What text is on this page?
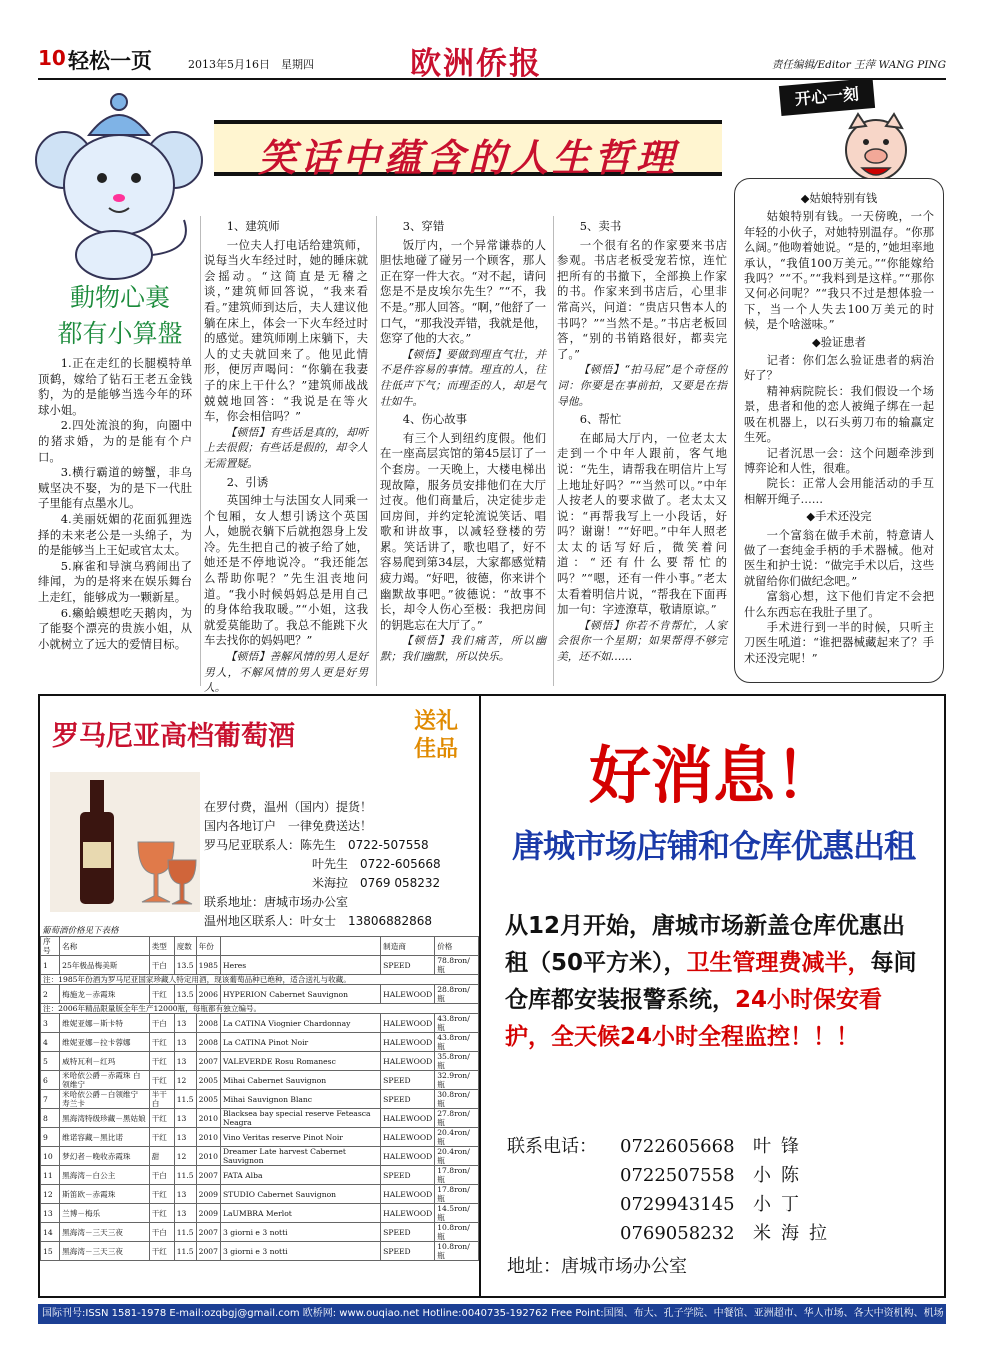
10 轻松一页	2013年5月16日　星期四	欧洲侨报	责任编辑/Editor 王萍 WANG PING
笑话中蕴含的人生哲理
开心一刻
動物心裏
都有小算盤

1.正在走红的长腿模特单顶鹤，嫁给了钻石王老五金钱豹，为的是能够当选今年的环球小姐。

2.四处流浪的狗，向圈中的猪求婚，为的是能有个户口。

3.横行霸道的螃蟹，非乌贼坚决不娶，为的是下一代肚子里能有点墨水儿。

4.美丽妩媚的花面狐狸选择的未来老公是一头绵子，为的是能够当上王妃或官太太。

5.麻雀和导演乌鸦闹出了绯闻，为的是将来在娱乐舞台上走红，能够成为一颗新星。

6.癞蛤蟆想吃天鹅肉，为了能娶个漂亮的贵族小姐，从小就树立了远大的爱情目标。

1、建筑师

一位夫人打电话给建筑师，说每当火车经过时，她的睡床就会摇动。“这简直是无稽之谈，”建筑师回答说，“我来看看。”建筑师到达后，夫人建议他躺在床上，体会一下火车经过时的感觉。建筑师刚上床躺下，夫人的丈夫就回来了。他见此情形，便厉声喝问：“你躺在我妻子的床上干什么？”建筑师战战兢兢地回答：“我说是在等火车，你会相信吗？”

【顿悟】有些话是真的，却听上去很假；有些话是假的，却令人无需置疑。

2、引诱

英国绅士与法国女人同乘一个包厢，女人想引诱这个英国人，她脱衣躺下后就抱怨身上发冷。先生把自己的被子给了她，她还是不停地说冷。“我还能怎么帮助你呢？”先生沮丧地问道。“我小时候妈妈总是用自己的身体给我取暖。”“小姐，这我就爱莫能助了。我总不能跳下火车去找你的妈妈吧？”

【顿悟】善解风情的男人是好男人，不解风情的男人更是好男人。

3、穿错

饭厅内，一个异常谦恭的人胆怯地碰了碰另一个顾客，那人正在穿一件大衣。“对不起，请问您是不是皮埃尔先生？”“不，我不是。”那人回答。“啊，”他舒了一口气，“那我没弄错，我就是他，您穿了他的大衣。”

【顿悟】要做到理直气壮，并不是件容易的事情。理直的人，往往低声下气；而理歪的人，却是气壮如牛。

4、伤心故事

有三个人到纽约度假。他们在一座高层宾馆的第45层订了一个套房。一天晚上，大楼电梯出现故障，服务员安排他们在大厅过夜。他们商量后，决定徒步走回房间，并约定轮流说笑话、唱歌和讲故事，以减轻登楼的劳累。笑话讲了，歌也唱了，好不容易爬到第34层，大家都感觉精疲力竭。“好吧，彼德，你来讲个幽默故事吧。”彼德说：“故事不长，却令人伤心至极：我把房间的钥匙忘在大厅了。”

【顿悟】我们痛苦，所以幽默；我们幽默，所以快乐。

5、卖书

一个很有名的作家要来书店参观。书店老板受宠若惊，连忙把所有的书撤下，全部换上作家的书。作家来到书店后，心里非常高兴，问道：“贵店只售本人的书吗？”“当然不是。”书店老板回答，“别的书销路很好，都卖完了。”

【顿悟】“拍马屁”是个奇怪的词：你要是在事前拍，又要是在指导他。

6、帮忙

在邮局大厅内，一位老太太走到一个中年人跟前，客气地说：“先生，请帮我在明信片上写上地址好吗？”“当然可以。”中年人按老人的要求做了。老太太又说：“再帮我写上一小段话，好吗？谢谢！”“好吧。”中年人照老太太的话写好后，微笑着问道：“还有什么要帮忙的吗？”“嗯，还有一件小事。”老太太看着明信片说，“帮我在下面再加一句：字迹潦草，敬请原谅。”

【顿悟】你若不肯帮忙，人家会很你一个星期；如果帮得不够完美，还不如……

◆姑娘特别有钱

姑娘特别有钱。一天傍晚，一个年轻的小伙子，对她特别温存。“你那么阔。”他吻着她说。“是的，”她坦率地承认，“我值100万美元。”“你能嫁给我吗？”“不。”“我料到是这样。”“那你又何必问呢？”“我只不过是想体验一下，当一个人失去100万美元的时候，是个啥滋味。”

◆验证患者

记者：你们怎么验证患者的病治好了？

精神病院院长：我们假设一个场景，患者和他的恋人被绳子绑在一起吸在机器上，以石头剪刀布的输赢定生死。

记者沉思一会：这个问题牵涉到博弈论和人性，很难。

院长：正常人会用能活动的手互相解开绳子……

◆手术还没完

一个富翁在做手术前，特意请人做了一套纯金手柄的手术器械。他对医生和护士说：“做完手术以后，这些就留给你们做纪念吧。”

富翁心想，这下他们肯定不会把什么东西忘在我肚子里了。

手术进行到一半的时候，只听主刀医生吼道：“谁把器械藏起来了？手术还没完呢！”

罗马尼亚高档葡萄酒	送礼佳品
在罗付费，温州（国内）提货！
国内各地订户　一律免费送达！
罗马尼亚联系人：陈先生　0722-507558
叶先生　0722-605668
米海拉　0769 058232
联系地址：唐城市场办公室
温州地区联系人：叶女士　13806882868
葡萄酒价格见下表格
序号	名称	类型	度数	年份		制造商	价格
1	25年极品梅美斯	干白	13.5	1985	Heres	SPEED	78.8ron/瓶
注：1985年份酒为罗马尼亚国家珍藏人特定用酒，现该葡萄品种已绝种，适合送礼与收藏。							
2	梅施龙－赤霞珠	干红	13.5	2006	HYPERION Cabernet Sauvignon	HALEWOOD	28.8ron/瓶
注：2006年精品限量版全年生产12000瓶，每瓶都有独立编号。							
3	维妮亚娜－斯卡特	干白	13	2008	La CATINA Viognier Chardonnay	HALEWOOD	43.8ron/瓶
4	维妮亚娜－拉卡蓉娜	干红	13	2008	La CATINA Pinot Noir	HALEWOOD	43.8ron/瓶
5	威特瓦利－红玛	干红	13	2007	VALEVERDE Rosu Romanesc	HALEWOOD	35.8ron/瓶
6	米哈依公爵－赤霞珠 白领维宁	干红	12	2005	Mihai Cabernet Sauvignon	SPEED	32.9ron/瓶
7	米哈依公爵－白领维宁 寿兰卡	半干白	11.5	2005	Mihai Sauvignon Blanc	SPEED	30.8ron/瓶
8	黑海湾特级珍藏－黑姑娘	干红	13	2010	Blacksea bay special reserve Feteasca Neagra	HALEWOOD	27.8ron/瓶
9	维诺容藏－黑比诺	干红	13	2010	Vino Veritas reserve Pinot Noir	HALEWOOD	20.4ron/瓶
10	梦幻者－晚收赤霞珠	甜	12	2010	Dreamer Late harvest Cabernet Sauvignon	HALEWOOD	20.4ron/瓶
11	黑海湾－白公主	干白	11.5	2007	FATA Alba	SPEED	17.8ron/瓶
12	斯笛欧－赤霞珠	干红	13	2009	STUDIO Cabernet Sauvignon	HALEWOOD	17.8ron/瓶
13	兰博－梅乐	干红	13	2009	LaUMBRA Merlot	HALEWOOD	14.5ron/瓶
14	黑海湾－三天三夜	干白	11.5	2007	3 giorni e 3 notti	SPEED	10.8ron/瓶
15	黑海湾－三天三夜	干红	11.5	2007	3 giorni e 3 notti	SPEED	10.8ron/瓶
好消息！
唐城市场店铺和仓库优惠出租
从12月开始，唐城市场新盖仓库优惠出租（50平方米），卫生管理费减半，每间仓库都安装报警系统，24小时保安看护，全天候24小时全程监控！！！
联系电话： 0722605668 叶锋
0722507558 小陈
0729943145 小丁
0769058232 米海拉
地址：唐城市场办公室
国际刊号:ISSN 1581-1978 E-mail:ozqbgj@gmail.com 欧桥网: www.ouqiao.net Hotline:0040735-192762 Free Point:国图、布大、孔子学院、中餐馆、亚洲超市、华人市场、各大中资机构、机场
